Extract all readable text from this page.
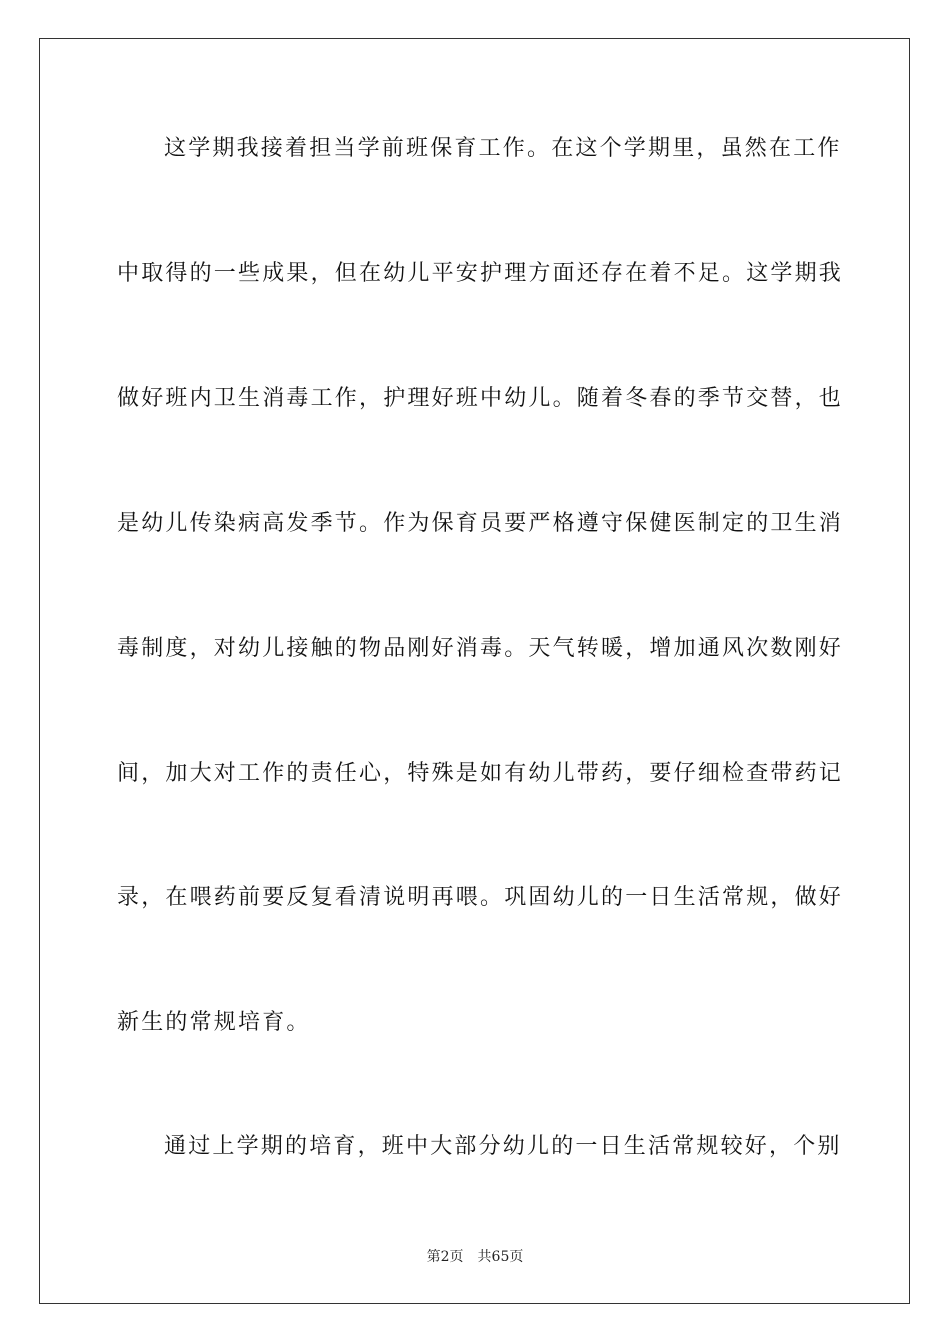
这学期我接着担当学前班保育工作。在这个学期里，虽然在工作
中取得的一些成果，但在幼儿平安护理方面还存在着不足。这学期我
做好班内卫生消毒工作，护理好班中幼儿。随着冬春的季节交替，也
是幼儿传染病高发季节。作为保育员要严格遵守保健医制定的卫生消
毒制度，对幼儿接触的物品刚好消毒。天气转暖，增加通风次数刚好
间，加大对工作的责任心，特殊是如有幼儿带药，要仔细检查带药记
录，在喂药前要反复看清说明再喂。巩固幼儿的一日生活常规，做好
新生的常规培育。
通过上学期的培育，班中大部分幼儿的一日生活常规较好，个别
第2页 共65页
